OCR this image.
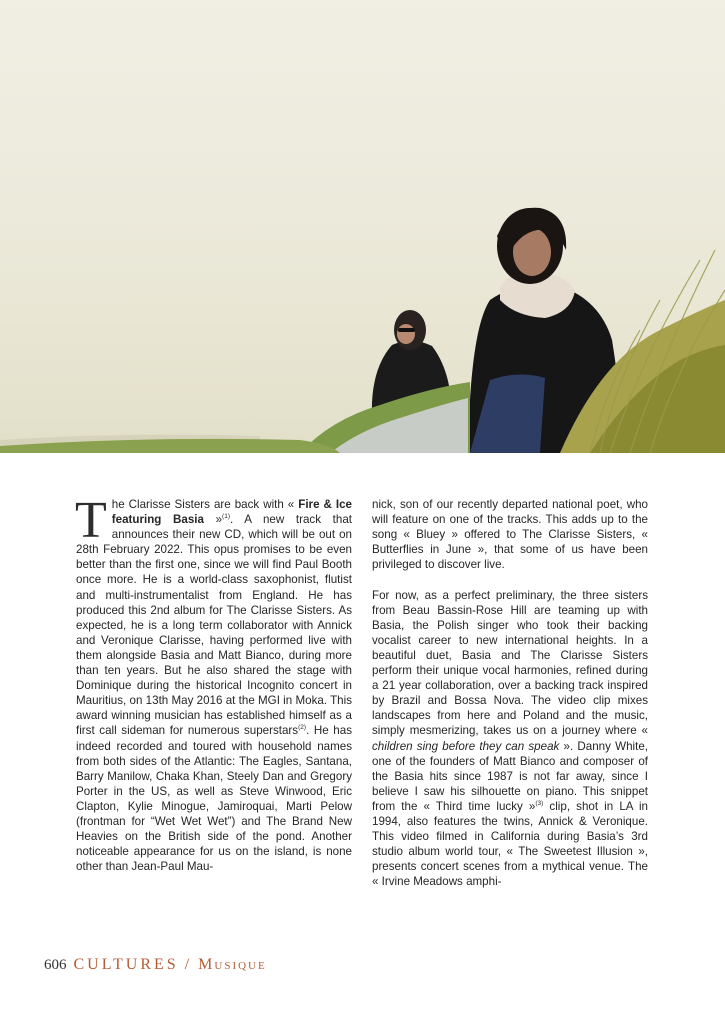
The Clarisse Sisters are back with « Fire & Ice featuring Basia »$^{(1)}$. A new track that announces their new CD, which will be out on 28th February 2022. This opus promises to be even better than the first one, since we will find Paul Booth once more. He is a world-class saxophonist, flutist and multi-instrumentalist from England. He has produced this 2nd album for The Clarisse Sisters. As expected, he is a long term collaborator with Annick and Veronique Clarisse, having performed live with them alongside Basia and Matt Bianco, during more than ten years. But he also shared the stage with Dominique during the historical Incognito concert in Mauritius, on 13th May 2016 at the MGI in Moka. This award winning musician has established himself as a first call sideman for numerous superstars$^{(2)}$. He has indeed recorded and toured with household names from both sides of the Atlantic: The Eagles, Santana, Barry Manilow, Chaka Khan, Steely Dan and Gregory Porter in the US, as well as Steve Winwood, Eric Clapton, Kylie Minogue, Jamiroquai, Marti Pelow (frontman for “Wet Wet Wet”) and The Brand New Heavies on the British side of the pond. Another noticeable appearance for us on the island, is none other than Jean-Paul Mau-

nick, son of our recently departed national poet, who will feature on one of the tracks. This adds up to the song « Bluey » offered to The Clarisse Sisters, « Butterflies in June », that some of us have been privileged to discover live.

For now, as a perfect preliminary, the three sisters from Beau Bassin-Rose Hill are teaming up with Basia, the Polish singer who took their backing vocalist career to new international heights. In a beautiful duet, Basia and The Clarisse Sisters perform their unique vocal harmonies, refined during a 21 year collaboration, over a backing track inspired by Brazil and Bossa Nova. The video clip mixes landscapes from here and Poland and the music, simply mesmerizing, takes us on a journey where « children sing before they can speak ». Danny White, one of the founders of Matt Bianco and composer of the Basia hits since 1987 is not far away, since I believe I saw his silhouette on piano. This snippet from the « Third time lucky »$^{(3)}$ clip, shot in LA in 1994, also features the twins, Annick & Veronique. This video filmed in California during Basia’s 3rd studio album world tour, « The Sweetest Illusion », presents concert scenes from a mythical venue. The « Irvine Meadows amphi-

606 CULTURES / Musique
